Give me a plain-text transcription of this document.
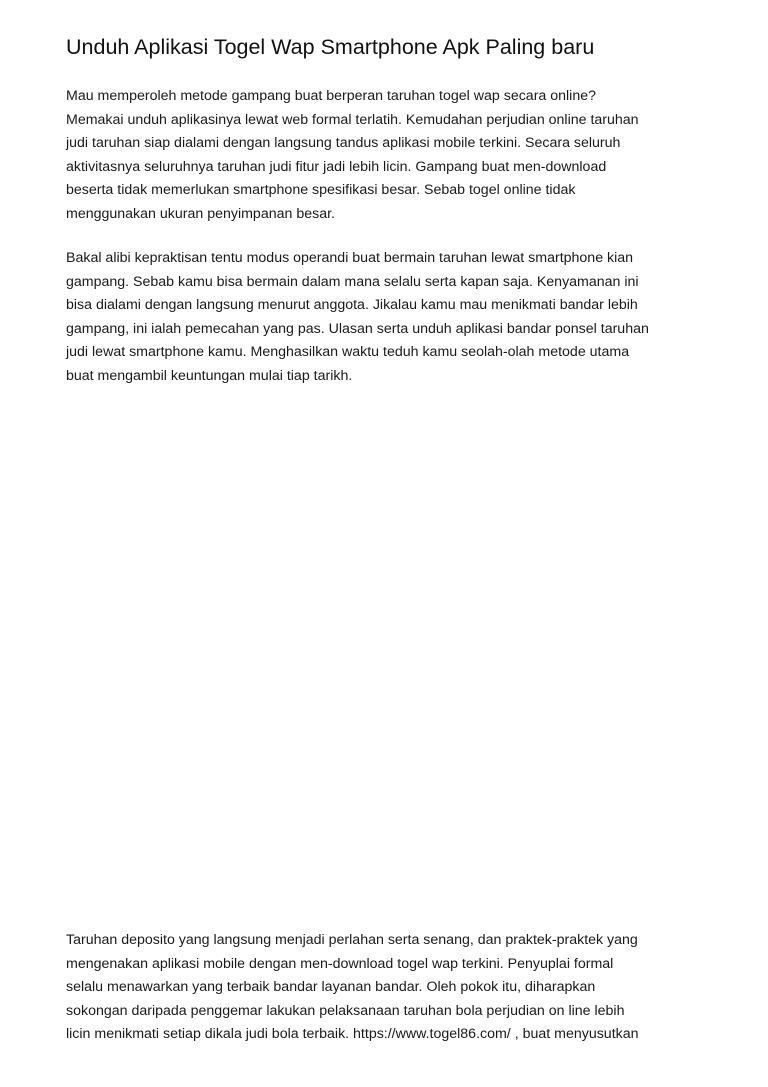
Unduh Aplikasi Togel Wap Smartphone Apk Paling baru

Mau memperoleh metode gampang buat berperan taruhan togel wap secara online?
Memakai unduh aplikasinya lewat web formal terlatih. Kemudahan perjudian online taruhan
judi taruhan siap dialami dengan langsung tandus aplikasi mobile terkini. Secara seluruh
aktivitasnya seluruhnya taruhan judi fitur jadi lebih licin. Gampang buat men-download
beserta tidak memerlukan smartphone spesifikasi besar. Sebab togel online tidak
menggunakan ukuran penyimpanan besar.

Bakal alibi kepraktisan tentu modus operandi buat bermain taruhan lewat smartphone kian
gampang. Sebab kamu bisa bermain dalam mana selalu serta kapan saja. Kenyamanan ini
bisa dialami dengan langsung menurut anggota. Jikalau kamu mau menikmati bandar lebih
gampang, ini ialah pemecahan yang pas. Ulasan serta unduh aplikasi bandar ponsel taruhan
judi lewat smartphone kamu. Menghasilkan waktu teduh kamu seolah-olah metode utama
buat mengambil keuntungan mulai tiap tarikh.

Taruhan deposito yang langsung menjadi perlahan serta senang, dan praktek-praktek yang
mengenakan aplikasi mobile dengan men-download togel wap terkini. Penyuplai formal
selalu menawarkan yang terbaik bandar layanan bandar. Oleh pokok itu, diharapkan
sokongan daripada penggemar lakukan pelaksanaan taruhan bola perjudian on line lebih
licin menikmati setiap dikala judi bola terbaik. https://www.togel86.com/ , buat menyusutkan
